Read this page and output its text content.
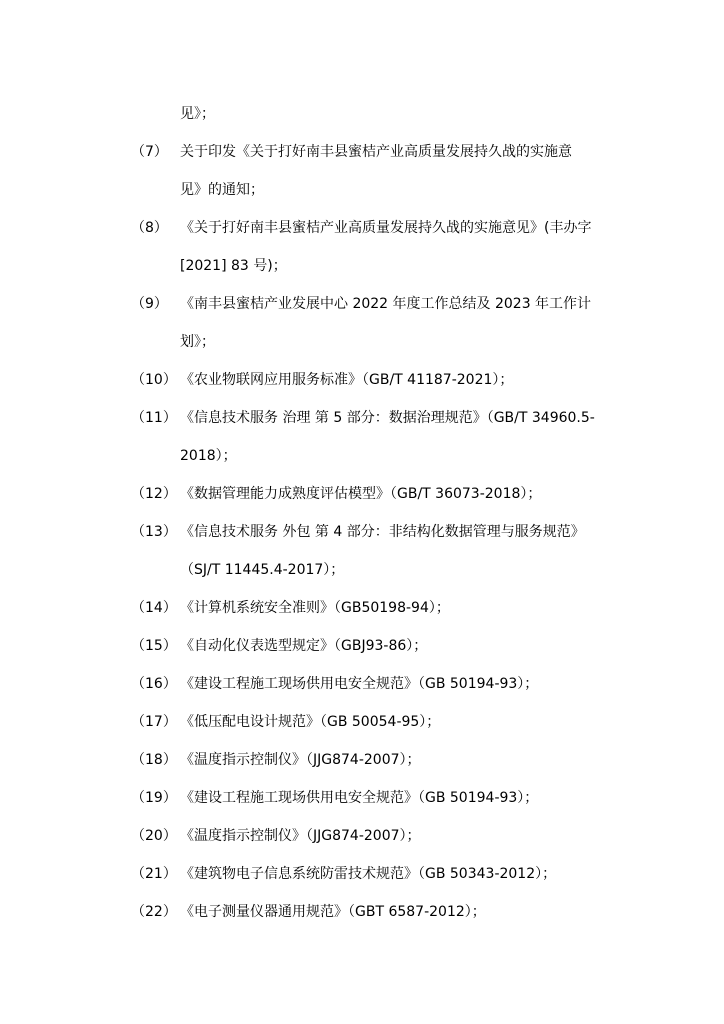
见》；
（7） 关于印发《关于打好南丰县蜜桔产业高质量发展持久战的实施意
见》的通知；
（8） 《关于打好南丰县蜜桔产业高质量发展持久战的实施意见》(丰办字
[2021] 83 号)；
（9） 《南丰县蜜桔产业发展中心 2022 年度工作总结及 2023 年工作计
划》；
（10） 《农业物联网应用服务标准》（GB/T 41187-2021）；
（11） 《信息技术服务 治理 第 5 部分：数据治理规范》（GB/T 34960.5-
2018）；
（12） 《数据管理能力成熟度评估模型》（GB/T 36073-2018）；
（13） 《信息技术服务 外包 第 4 部分：非结构化数据管理与服务规范》
（SJ/T 11445.4-2017）；
（14） 《计算机系统安全准则》（GB50198-94）；
（15） 《自动化仪表选型规定》（GBJ93-86）；
（16） 《建设工程施工现场供用电安全规范》（GB 50194-93）；
（17） 《低压配电设计规范》（GB 50054-95）；
（18） 《温度指示控制仪》（JJG874-2007）；
（19） 《建设工程施工现场供用电安全规范》（GB 50194-93）；
（20） 《温度指示控制仪》（JJG874-2007）；
（21） 《建筑物电子信息系统防雷技术规范》（GB 50343-2012）；
（22） 《电子测量仪器通用规范》（GBT 6587-2012）；
